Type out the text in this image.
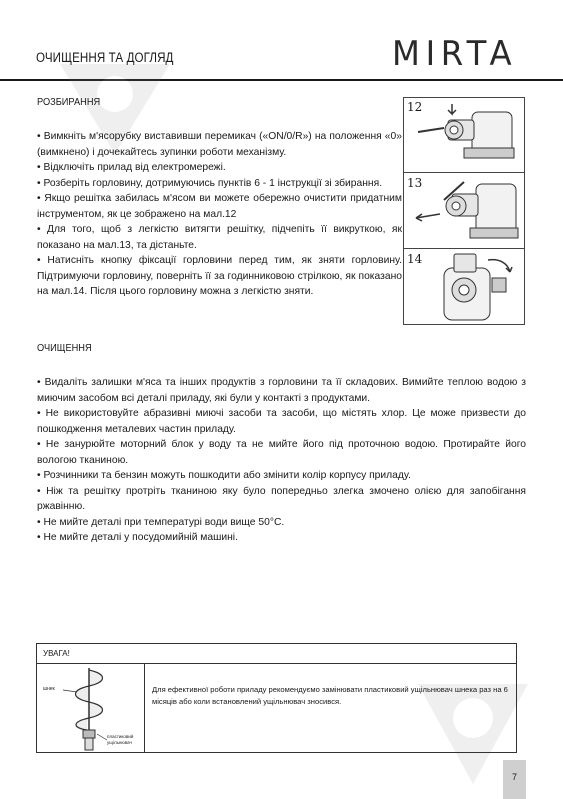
ОЧИЩЕННЯ ТА ДОГЛЯД	MIRTA
РОЗБИРАННЯ

• Вимкніть м'ясорубку виставивши перемикач («ON/0/R») на положення «0» (вимкнено) і дочекайтесь зупинки роботи механізму.

• Відключіть прилад від електромережі.

• Розберіть горловину, дотримуючись пунктів 6 - 1 інструкції зі збирання.

• Якщо решітка забилась м'ясом ви можете обережно очистити придатним інструментом, як це зображено на мал.12

• Для того, щоб з легкістю витягти решітку, підчепіть її викруткою, як показано на мал.13, та дістаньте.

• Натисніть кнопку фіксації горловини перед тим, як зняти горловину. Підтримуючи горловину, поверніть її за годинниковою стрілкою, як показано на мал.14. Після цього горловину можна з легкістю зняти.

12
13
14
ОЧИЩЕННЯ

• Видаліть залишки м'яса та інших продуктів з горловини та її складових. Вимийте теплою водою з миючим засобом всі деталі приладу, які були у контакті з продуктами.

• Не використовуйте абразивні миючі засоби та засоби, що містять хлор. Це може призвести до пошкодження металевих частин приладу.

• Не занурюйте моторний блок у воду та не мийте його під проточною водою. Протирайте його вологою тканиною.

• Розчинники та бензин можуть пошкодити або змінити колір корпусу приладу.

• Ніж та решітку протріть тканиною яку було попередньо злегка змочено олією для запобігання ржавінню.

• Не мийте деталі при температурі води вище 50°С.

• Не мийте деталі у посудомийній машині.

УВАГА!
шнек
пластиковий ущільнювач
Для ефективної роботи приладу рекомендуємо замінювати пластиковий ущільнювач шнека раз на 6 місяців або коли встановлений ущільнювач зносився.
7
